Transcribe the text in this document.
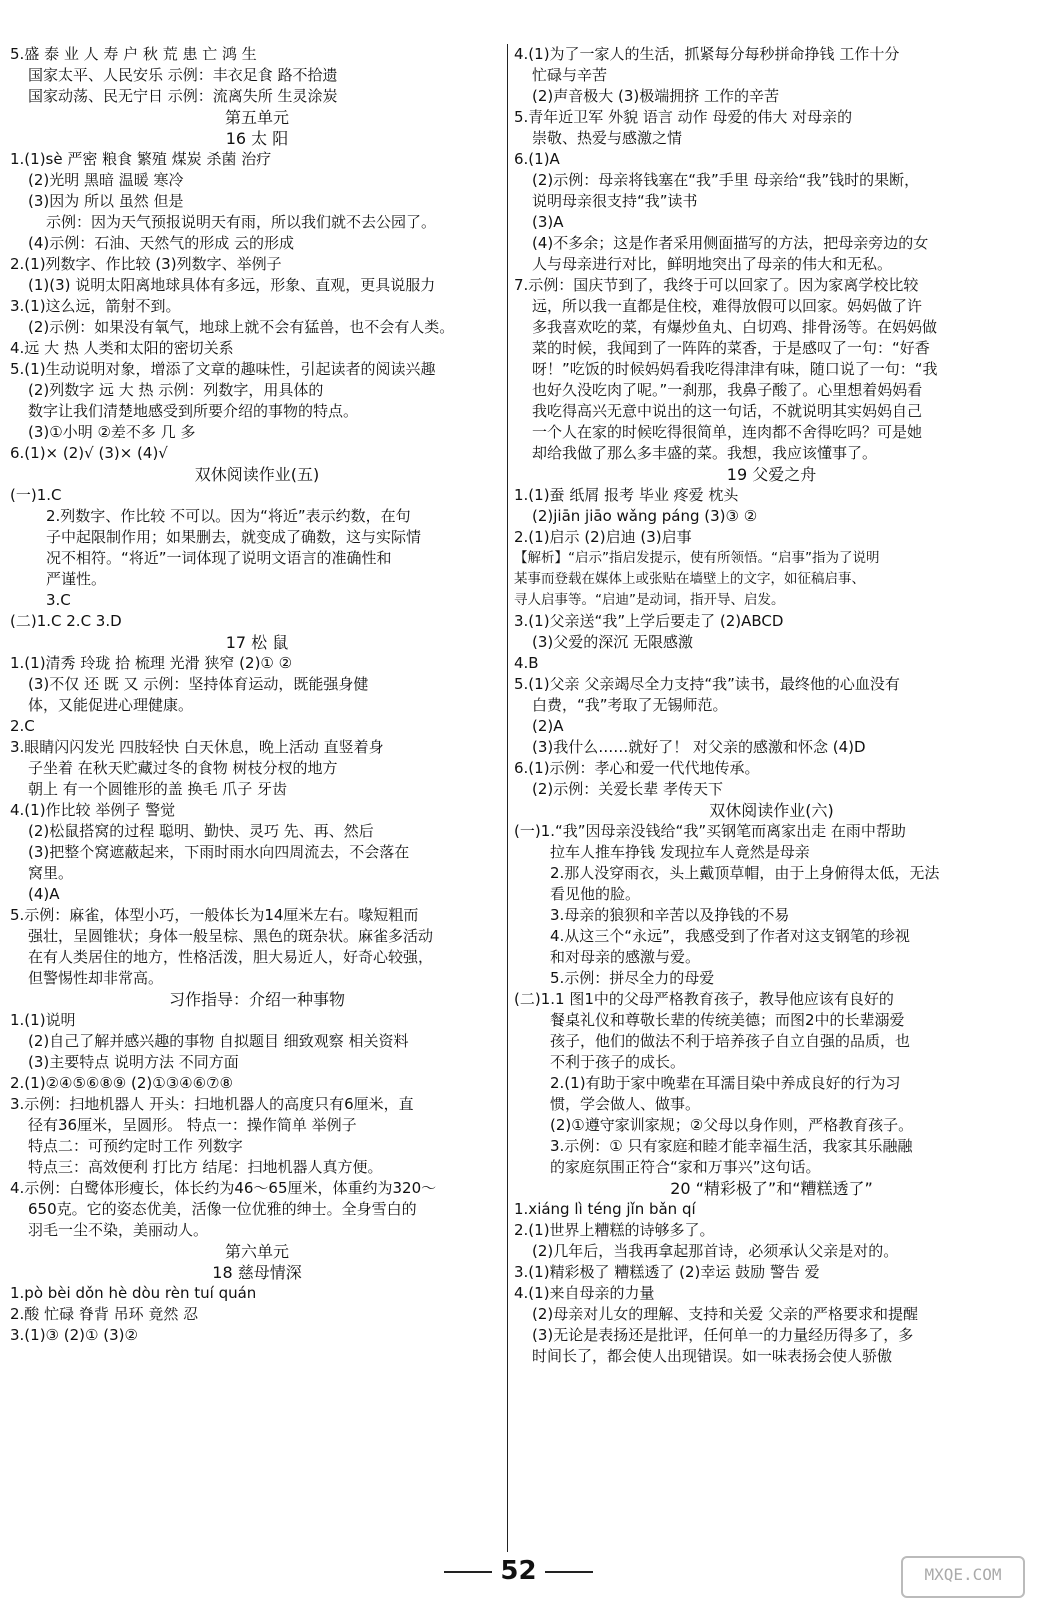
5.盛 泰 业 人 寿 户 秋 荒 患 亡 鸿 生
国家太平、人民安乐 示例：丰衣足食 路不拾遗
国家动荡、民无宁日 示例：流离失所 生灵涂炭
第五单元
16 太 阳
1.(1)sè 严密 粮食 繁殖 煤炭 杀菌 治疗
(2)光明 黑暗 温暖 寒冷
(3)因为 所以 虽然 但是
示例：因为天气预报说明天有雨，所以我们就不去公园了。
(4)示例：石油、天然气的形成 云的形成
2.(1)列数字、作比较 (3)列数字、举例子
(1)(3) 说明太阳离地球具体有多远，形象、直观，更具说服力
3.(1)这么远，箭射不到。
(2)示例：如果没有氧气，地球上就不会有猛兽，也不会有人类。
4.远 大 热 人类和太阳的密切关系
5.(1)生动说明对象，增添了文章的趣味性，引起读者的阅读兴趣
(2)列数字 远 大 热 示例：列数字，用具体的
数字让我们清楚地感受到所要介绍的事物的特点。
(3)①小明 ②差不多 几 多
6.(1)× (2)√ (3)× (4)√
双休阅读作业(五)
(一)1.C
2.列数字、作比较 不可以。因为“将近”表示约数，在句
子中起限制作用；如果删去，就变成了确数，这与实际情
况不相符。“将近”一词体现了说明文语言的准确性和
严谨性。
3.C
(二)1.C 2.C 3.D
17 松 鼠
1.(1)清秀 玲珑 拾 梳理 光滑 狭窄 (2)① ②
(3)不仅 还 既 又 示例：坚持体育运动，既能强身健
体，又能促进心理健康。
2.C
3.眼睛闪闪发光 四肢轻快 白天休息，晚上活动 直竖着身
子坐着 在秋天贮藏过冬的食物 树枝分杈的地方
朝上 有一个圆锥形的盖 换毛 爪子 牙齿
4.(1)作比较 举例子 警觉
(2)松鼠搭窝的过程 聪明、勤快、灵巧 先、再、然后
(3)把整个窝遮蔽起来，下雨时雨水向四周流去，不会落在
窝里。
(4)A
5.示例：麻雀，体型小巧，一般体长为14厘米左右。喙短粗而
强壮，呈圆锥状；身体一般呈棕、黑色的斑杂状。麻雀多活动
在有人类居住的地方，性格活泼，胆大易近人，好奇心较强，
但警惕性却非常高。
习作指导：介绍一种事物
1.(1)说明
(2)自己了解并感兴趣的事物 自拟题目 细致观察 相关资料
(3)主要特点 说明方法 不同方面
2.(1)②④⑤⑥⑧⑨ (2)①③④⑥⑦⑧
3.示例：扫地机器人 开头：扫地机器人的高度只有6厘米，直
径有36厘米，呈圆形。 特点一：操作简单 举例子
特点二：可预约定时工作 列数字
特点三：高效便利 打比方 结尾：扫地机器人真方便。
4.示例：白鹭体形瘦长，体长约为46～65厘米，体重约为320～
650克。它的姿态优美，活像一位优雅的绅士。全身雪白的
羽毛一尘不染，美丽动人。
第六单元
18 慈母情深
1.pò bèi dǒn hè dòu rèn tuí quán
2.酸 忙碌 脊背 吊环 竟然 忍
3.(1)③ (2)① (3)②
4.(1)为了一家人的生活，抓紧每分每秒拼命挣钱 工作十分
忙碌与辛苦
(2)声音极大 (3)极端拥挤 工作的辛苦
5.青年近卫军 外貌 语言 动作 母爱的伟大 对母亲的
崇敬、热爱与感激之情
6.(1)A
(2)示例：母亲将钱塞在“我”手里 母亲给“我”钱时的果断，
说明母亲很支持“我”读书
(3)A
(4)不多余；这是作者采用侧面描写的方法，把母亲旁边的女
人与母亲进行对比，鲜明地突出了母亲的伟大和无私。
7.示例：国庆节到了，我终于可以回家了。因为家离学校比较
远，所以我一直都是住校，难得放假可以回家。妈妈做了许
多我喜欢吃的菜，有爆炒鱼丸、白切鸡、排骨汤等。在妈妈做
菜的时候，我闻到了一阵阵的菜香，于是感叹了一句：“好香
呀！”吃饭的时候妈妈看我吃得津津有味，随口说了一句：“我
也好久没吃肉了呢。”一刹那，我鼻子酸了。心里想着妈妈看
我吃得高兴无意中说出的这一句话，不就说明其实妈妈自己
一个人在家的时候吃得很简单，连肉都不舍得吃吗？可是她
却给我做了那么多丰盛的菜。我想，我应该懂事了。
19 父爱之舟
1.(1)蚕 纸屑 报考 毕业 疼爱 枕头
(2)jiān jiāo wǎng páng (3)③ ②
2.(1)启示 (2)启迪 (3)启事
【解析】“启示”指启发提示，使有所领悟。“启事”指为了说明
某事而登载在媒体上或张贴在墙壁上的文字，如征稿启事、
寻人启事等。“启迪”是动词，指开导、启发。
3.(1)父亲送“我”上学后要走了 (2)ABCD
(3)父爱的深沉 无限感激
4.B
5.(1)父亲 父亲竭尽全力支持“我”读书，最终他的心血没有
白费，“我”考取了无锡师范。
(2)A
(3)我什么……就好了！ 对父亲的感激和怀念 (4)D
6.(1)示例：孝心和爱一代代地传承。
(2)示例：关爱长辈 孝传天下
双休阅读作业(六)
(一)1.“我”因母亲没钱给“我”买钢笔而离家出走 在雨中帮助
拉车人推车挣钱 发现拉车人竟然是母亲
2.那人没穿雨衣，头上戴顶草帽，由于上身俯得太低，无法
看见他的脸。
3.母亲的狼狈和辛苦以及挣钱的不易
4.从这三个“永远”，我感受到了作者对这支钢笔的珍视
和对母亲的感激与爱。
5.示例：拼尽全力的母爱
(二)1.1 图1中的父母严格教育孩子，教导他应该有良好的
餐桌礼仪和尊敬长辈的传统美德；而图2中的长辈溺爱
孩子，他们的做法不利于培养孩子自立自强的品质，也
不利于孩子的成长。
2.(1)有助于家中晚辈在耳濡目染中养成良好的行为习
惯，学会做人、做事。
(2)①遵守家训家规；②父母以身作则，严格教育孩子。
3.示例：① 只有家庭和睦才能幸福生活，我家其乐融融
的家庭氛围正符合“家和万事兴”这句话。
20 “精彩极了”和“糟糕透了”
1.xiáng lì téng jǐn bǎn qí
2.(1)世界上糟糕的诗够多了。
(2)几年后，当我再拿起那首诗，必须承认父亲是对的。
3.(1)精彩极了 糟糕透了 (2)幸运 鼓励 警告 爱
4.(1)来自母亲的力量
(2)母亲对儿女的理解、支持和关爱 父亲的严格要求和提醒
(3)无论是表扬还是批评，任何单一的力量经历得多了，多
时间长了，都会使人出现错误。如一味表扬会使人骄傲
52	MXQE.COM
